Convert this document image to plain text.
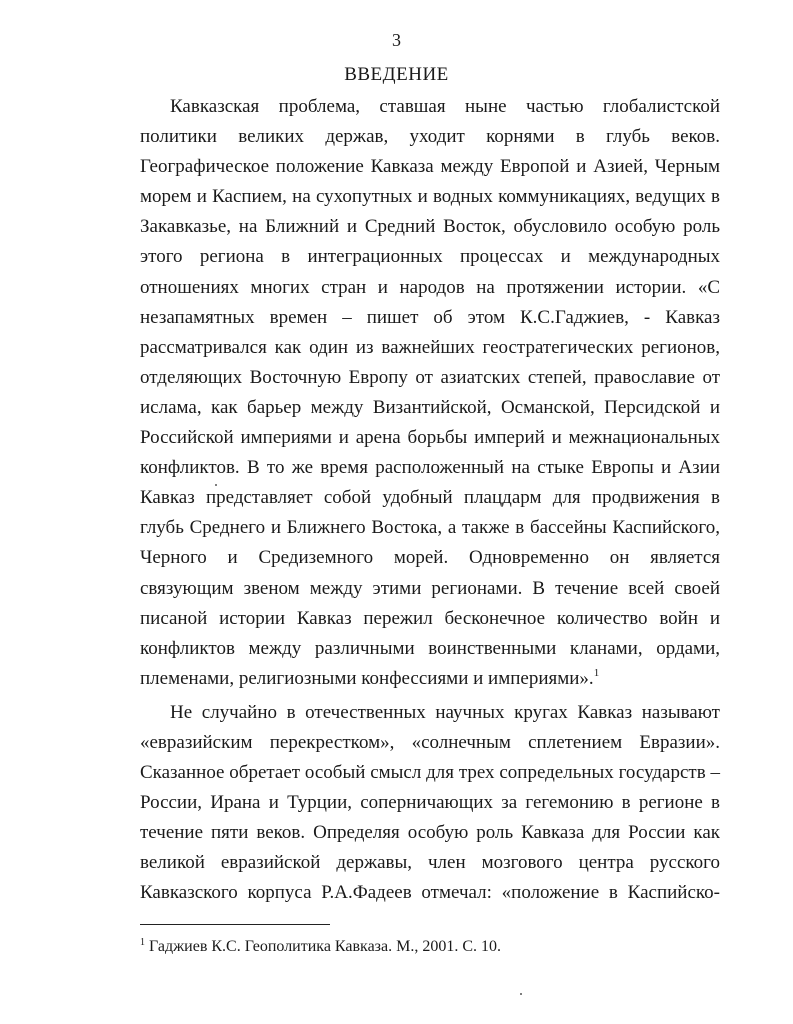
3
ВВЕДЕНИЕ

Кавказская проблема, ставшая ныне частью глобалистской политики великих держав, уходит корнями в глубь веков. Географическое положение Кавказа между Европой и Азией, Черным морем и Каспием, на сухопутных и водных коммуникациях, ведущих в Закавказье, на Ближний и Средний Восток, обусловило особую роль этого региона в интеграционных процессах и международных отношениях многих стран и народов на протяжении истории. «С незапамятных времен – пишет об этом К.С.Гаджиев, - Кавказ рассматривался как один из важнейших геостратегических регионов, отделяющих Восточную Европу от азиатских степей, православие от ислама, как барьер между Византийской, Османской, Персидской и Российской империями и арена борьбы империй и межнациональных конфликтов. В то же время расположенный на стыке Европы и Азии Кавказ представляет собой удобный плацдарм для продвижения в глубь Среднего и Ближнего Востока, а также в бассейны Каспийского, Черного и Средиземного морей. Одновременно он является связующим звеном между этими регионами. В течение всей своей писаной истории Кавказ пережил бесконечное количество войн и конфликтов между различными воинственными кланами, ордами, племенами, религиозными конфессиями и империями».$^1$

Не случайно в отечественных научных кругах Кавказ называют «евразийским перекрестком», «солнечным сплетением Евразии». Сказанное обретает особый смысл для трех сопредельных государств – России, Ирана и Турции, соперничающих за гегемонию в регионе в течение пяти веков. Определяя особую роль Кавказа для России как великой евразийской державы, член мозгового центра русского Кавказского корпуса Р.А.Фадеев отмечал: «положение в Каспийско-

$^1$ Гаджиев К.С. Геополитика Кавказа. М., 2001. С. 10.
